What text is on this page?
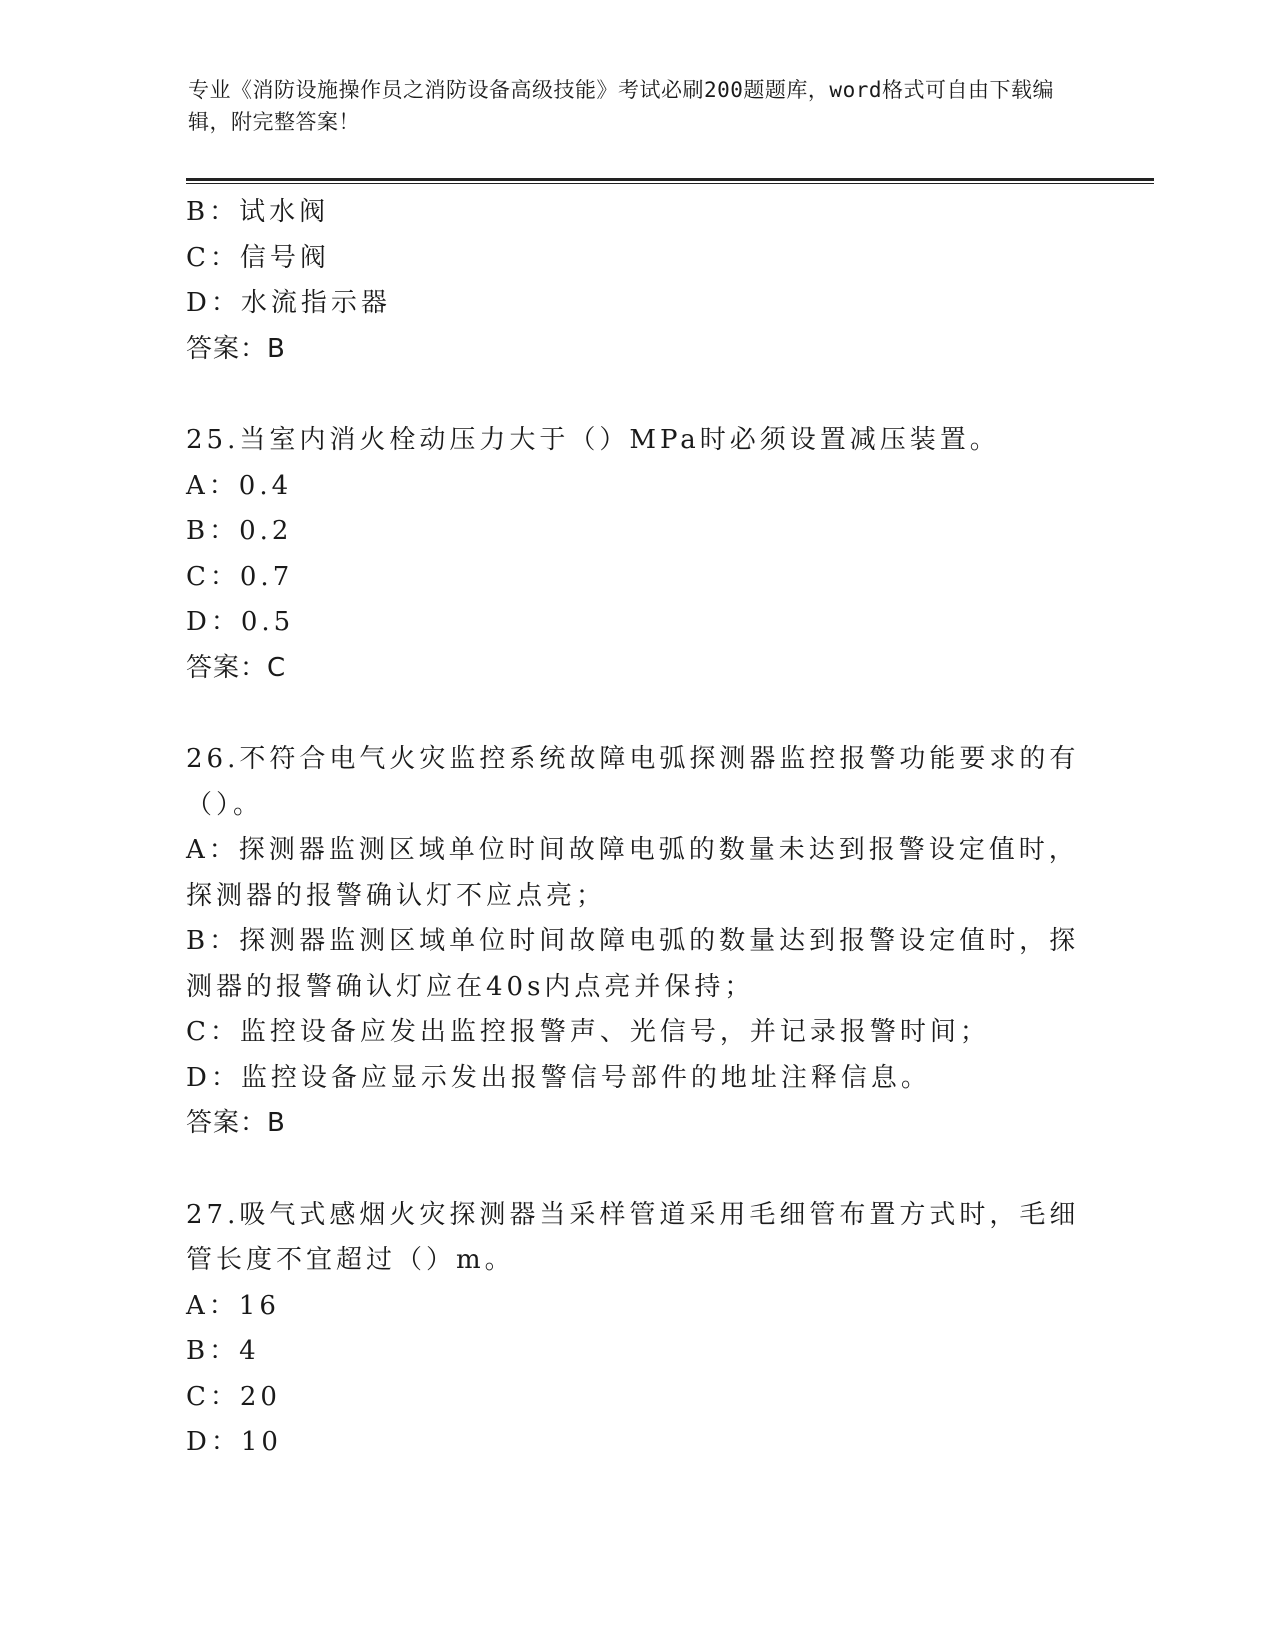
专业《消防设施操作员之消防设备高级技能》考试必刷200题题库，word格式可自由下载编辑，附完整答案！
B：试水阀
C：信号阀
D：水流指示器
答案：B
25.当室内消火栓动压力大于（）MPa时必须设置减压装置。
A：0.4
B：0.2
C：0.7
D：0.5
答案：C
26.不符合电气火灾监控系统故障电弧探测器监控报警功能要求的有（）。
A：探测器监测区域单位时间故障电弧的数量未达到报警设定值时，探测器的报警确认灯不应点亮；
B：探测器监测区域单位时间故障电弧的数量达到报警设定值时，探测器的报警确认灯应在40s内点亮并保持；
C：监控设备应发出监控报警声、光信号，并记录报警时间；
D：监控设备应显示发出报警信号部件的地址注释信息。
答案：B
27.吸气式感烟火灾探测器当采样管道采用毛细管布置方式时，毛细管长度不宜超过（）m。
A：16
B：4
C：20
D：10
